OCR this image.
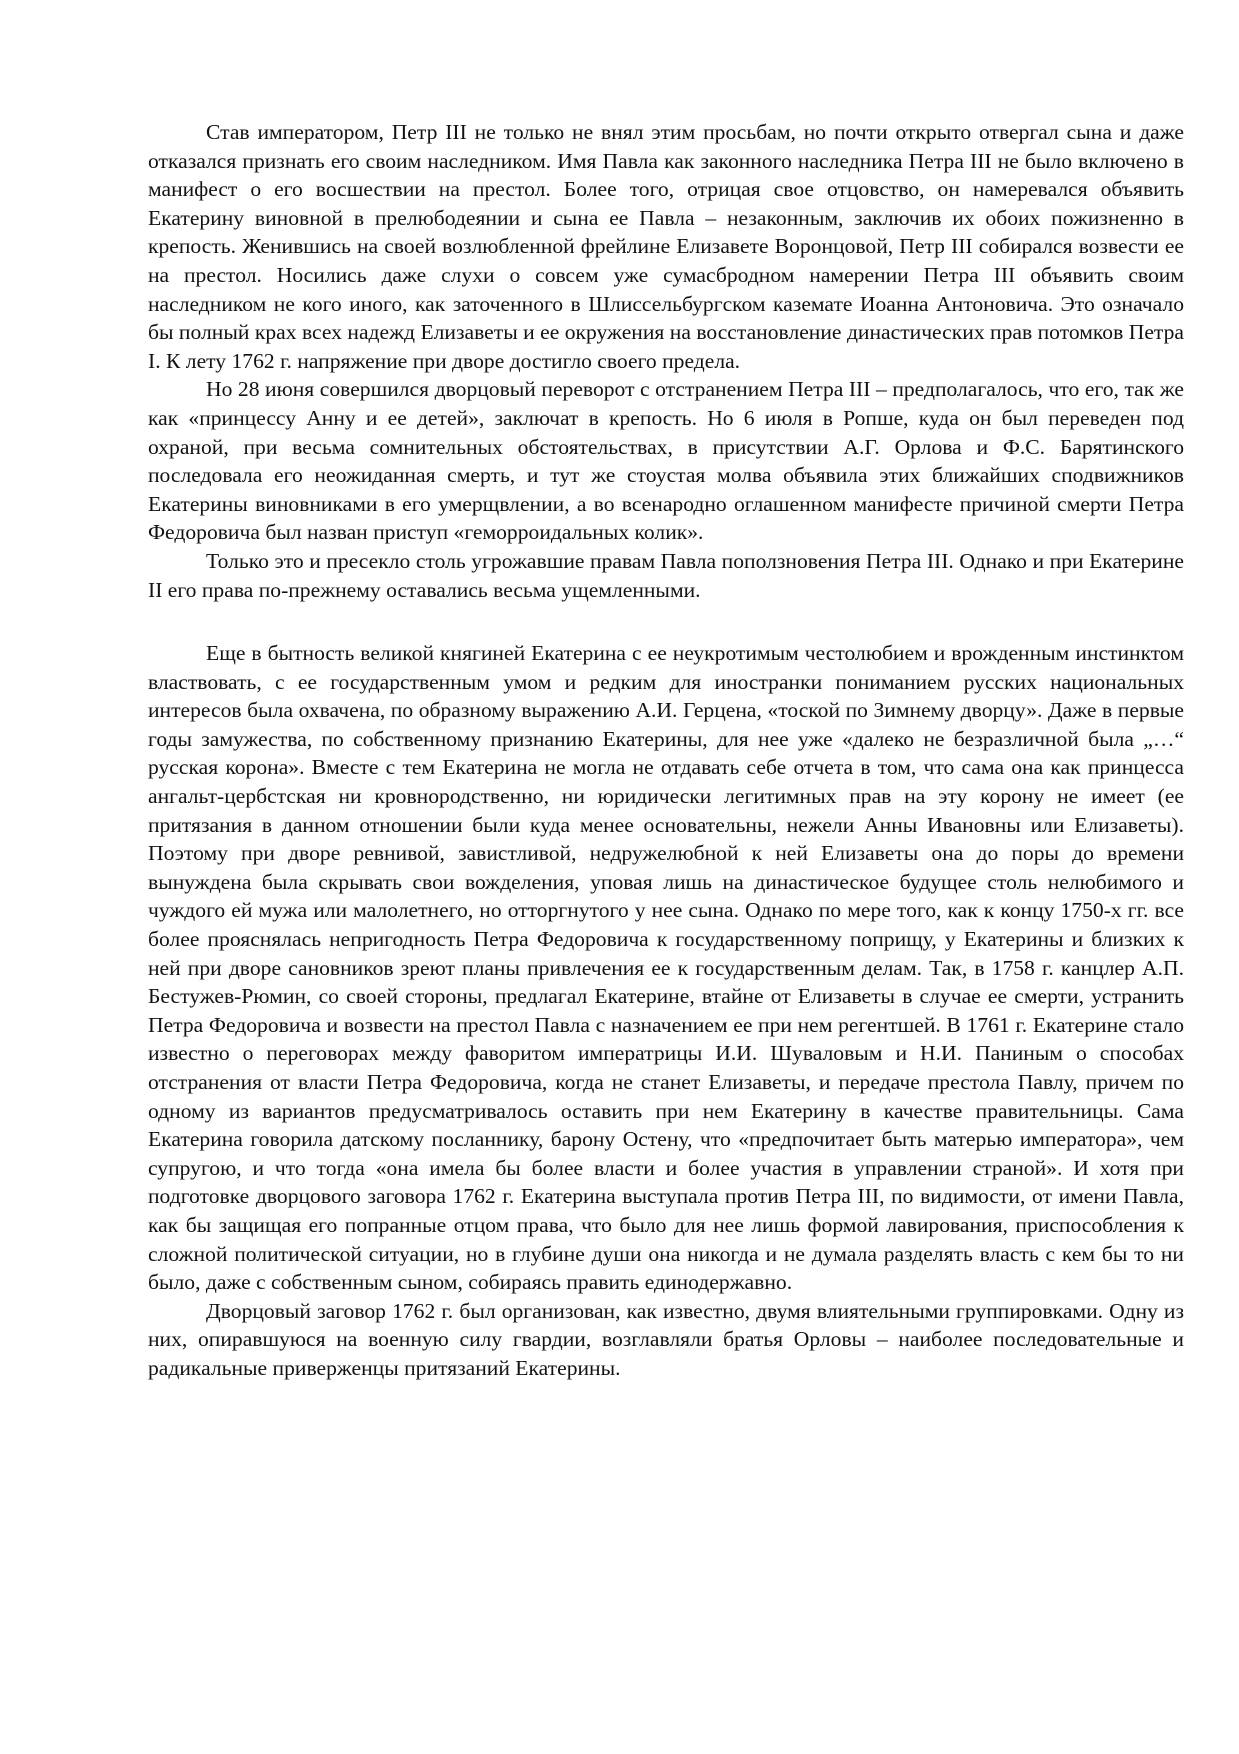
Став императором, Петр III не только не внял этим просьбам, но почти открыто отвергал сына и даже отказался признать его своим наследником. Имя Павла как законного наследника Петра III не было включено в манифест о его восшествии на престол. Более того, отрицая свое отцовство, он намеревался объявить Екатерину виновной в прелюбодеянии и сына ее Павла – незаконным, заключив их обоих пожизненно в крепость. Женившись на своей возлюбленной фрейлине Елизавете Воронцовой, Петр III собирался возвести ее на престол. Носились даже слухи о совсем уже сумасбродном намерении Петра III объявить своим наследником не кого иного, как заточенного в Шлиссельбургском каземате Иоанна Антоновича. Это означало бы полный крах всех надежд Елизаветы и ее окружения на восстановление династических прав потомков Петра I. К лету 1762 г. напряжение при дворе достигло своего предела.

Но 28 июня совершился дворцовый переворот с отстранением Петра III – предполагалось, что его, так же как «принцессу Анну и ее детей», заключат в крепость. Но 6 июля в Ропше, куда он был переведен под охраной, при весьма сомнительных обстоятельствах, в присутствии А.Г. Орлова и Ф.С. Барятинского последовала его неожиданная смерть, и тут же стоустая молва объявила этих ближайших сподвижников Екатерины виновниками в его умерщвлении, а во всенародно оглашенном манифесте причиной смерти Петра Федоровича был назван приступ «геморроидальных колик».

Только это и пресекло столь угрожавшие правам Павла поползновения Петра III. Однако и при Екатерине II его права по-прежнему оставались весьма ущемленными.

Еще в бытность великой княгиней Екатерина с ее неукротимым честолюбием и врожденным инстинктом властвовать, с ее государственным умом и редким для иностранки пониманием русских национальных интересов была охвачена, по образному выражению А.И. Герцена, «тоской по Зимнему дворцу». Даже в первые годы замужества, по собственному признанию Екатерины, для нее уже «далеко не безразличной была „…“ русская корона». Вместе с тем Екатерина не могла не отдавать себе отчета в том, что сама она как принцесса ангальт-цербстская ни кровнородственно, ни юридически легитимных прав на эту корону не имеет (ее притязания в данном отношении были куда менее основательны, нежели Анны Ивановны или Елизаветы). Поэтому при дворе ревнивой, завистливой, недружелюбной к ней Елизаветы она до поры до времени вынуждена была скрывать свои вожделения, уповая лишь на династическое будущее столь нелюбимого и чуждого ей мужа или малолетнего, но отторгнутого у нее сына. Однако по мере того, как к концу 1750-х гг. все более прояснялась непригодность Петра Федоровича к государственному поприщу, у Екатерины и близких к ней при дворе сановников зреют планы привлечения ее к государственным делам. Так, в 1758 г. канцлер А.П. Бестужев-Рюмин, со своей стороны, предлагал Екатерине, втайне от Елизаветы в случае ее смерти, устранить Петра Федоровича и возвести на престол Павла с назначением ее при нем регентшей. В 1761 г. Екатерине стало известно о переговорах между фаворитом императрицы И.И. Шуваловым и Н.И. Паниным о способах отстранения от власти Петра Федоровича, когда не станет Елизаветы, и передаче престола Павлу, причем по одному из вариантов предусматривалось оставить при нем Екатерину в качестве правительницы. Сама Екатерина говорила датскому посланнику, барону Остену, что «предпочитает быть матерью императора», чем супругою, и что тогда «она имела бы более власти и более участия в управлении страной». И хотя при подготовке дворцового заговора 1762 г. Екатерина выступала против Петра III, по видимости, от имени Павла, как бы защищая его попранные отцом права, что было для нее лишь формой лавирования, приспособления к сложной политической ситуации, но в глубине души она никогда и не думала разделять власть с кем бы то ни было, даже с собственным сыном, собираясь править единодержавно.

Дворцовый заговор 1762 г. был организован, как известно, двумя влиятельными группировками. Одну из них, опиравшуюся на военную силу гвардии, возглавляли братья Орловы – наиболее последовательные и радикальные приверженцы притязаний Екатерины.
